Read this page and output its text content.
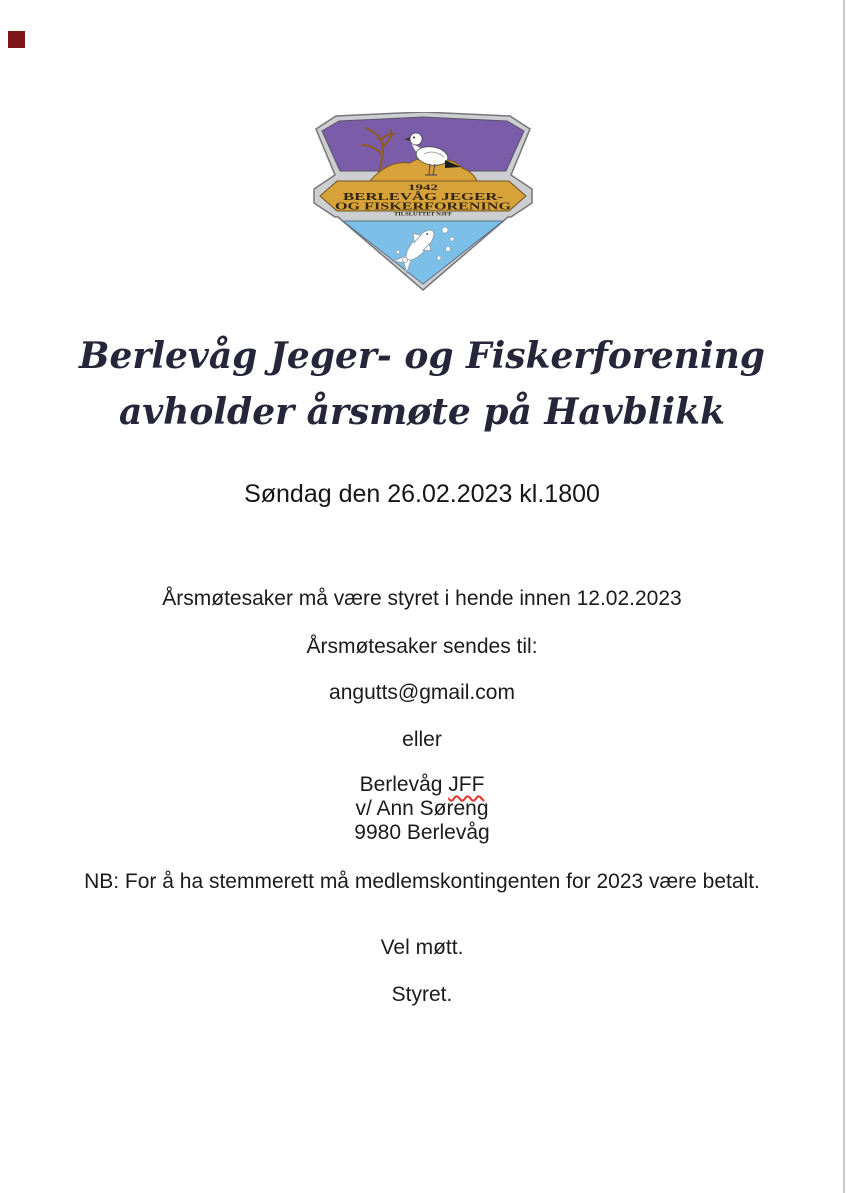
1942
BERLEVÅG JEGER-
OG FISKERFORENING
TILSLUTTET NJFF
Berlevåg Jeger- og Fiskerforening
avholder årsmøte på Havblikk
Søndag den 26.02.2023 kl.1800
Årsmøtesaker må være styret i hende innen 12.02.2023
Årsmøtesaker sendes til:
angutts@gmail.com
eller
Berlevåg JFF
v/ Ann Søreng
9980 Berlevåg
NB: For å ha stemmerett må medlemskontingenten for 2023 være betalt.
Vel møtt.
Styret.
